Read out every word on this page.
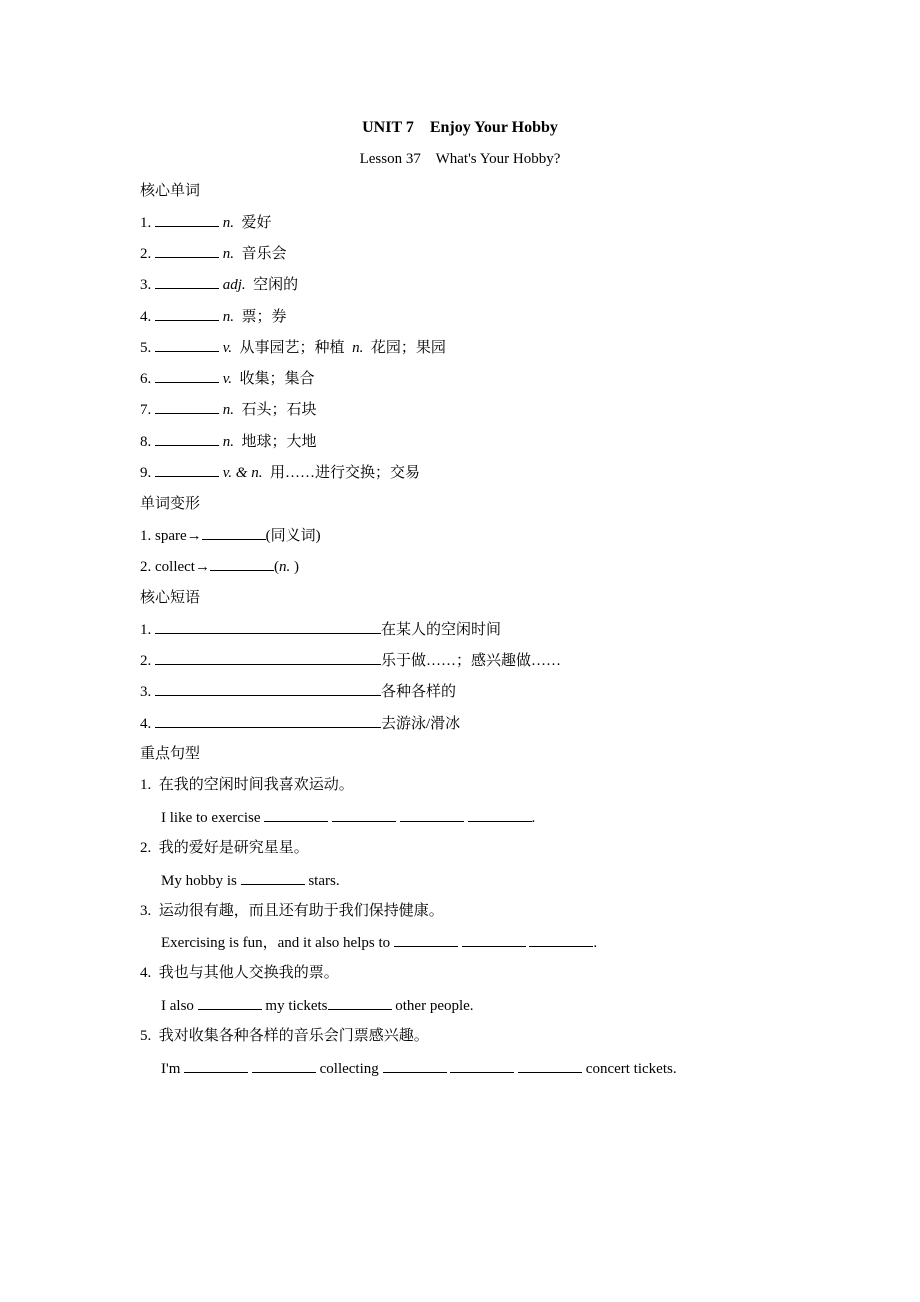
UNIT 7    Enjoy Your Hobby
Lesson 37    What's Your Hobby?
核心单词
1.	n. 爱好
2.	n. 音乐会
3.	adj. 空闲的
4.	n. 票；券
5.	v. 从事园艺；种植 n. 花园；果园
6.	v. 收集；集合
7.	n. 石头；石块
8.	n. 地球；大地
9.	v. & n. 用……进行交换；交易
单词变形
1. spare→	(同义词)
2. collect→	(n. )
核心短语
1.	在某人的空闲时间
2.	乐于做……；感兴趣做……
3.	各种各样的
4.	去游泳/滑冰
重点句型
1. 在我的空闲时间我喜欢运动。
I like to exercise	.
2. 我的爱好是研究星星。
My hobby is	stars.
3. 运动很有趣，而且还有助于我们保持健康。
Exercising is fun，and it also helps to	.
4. 我也与其他人交换我的票。
I also	my tickets	other people.
5. 我对收集各种各样的音乐会门票感兴趣。
I'm	collecting	concert tickets.
